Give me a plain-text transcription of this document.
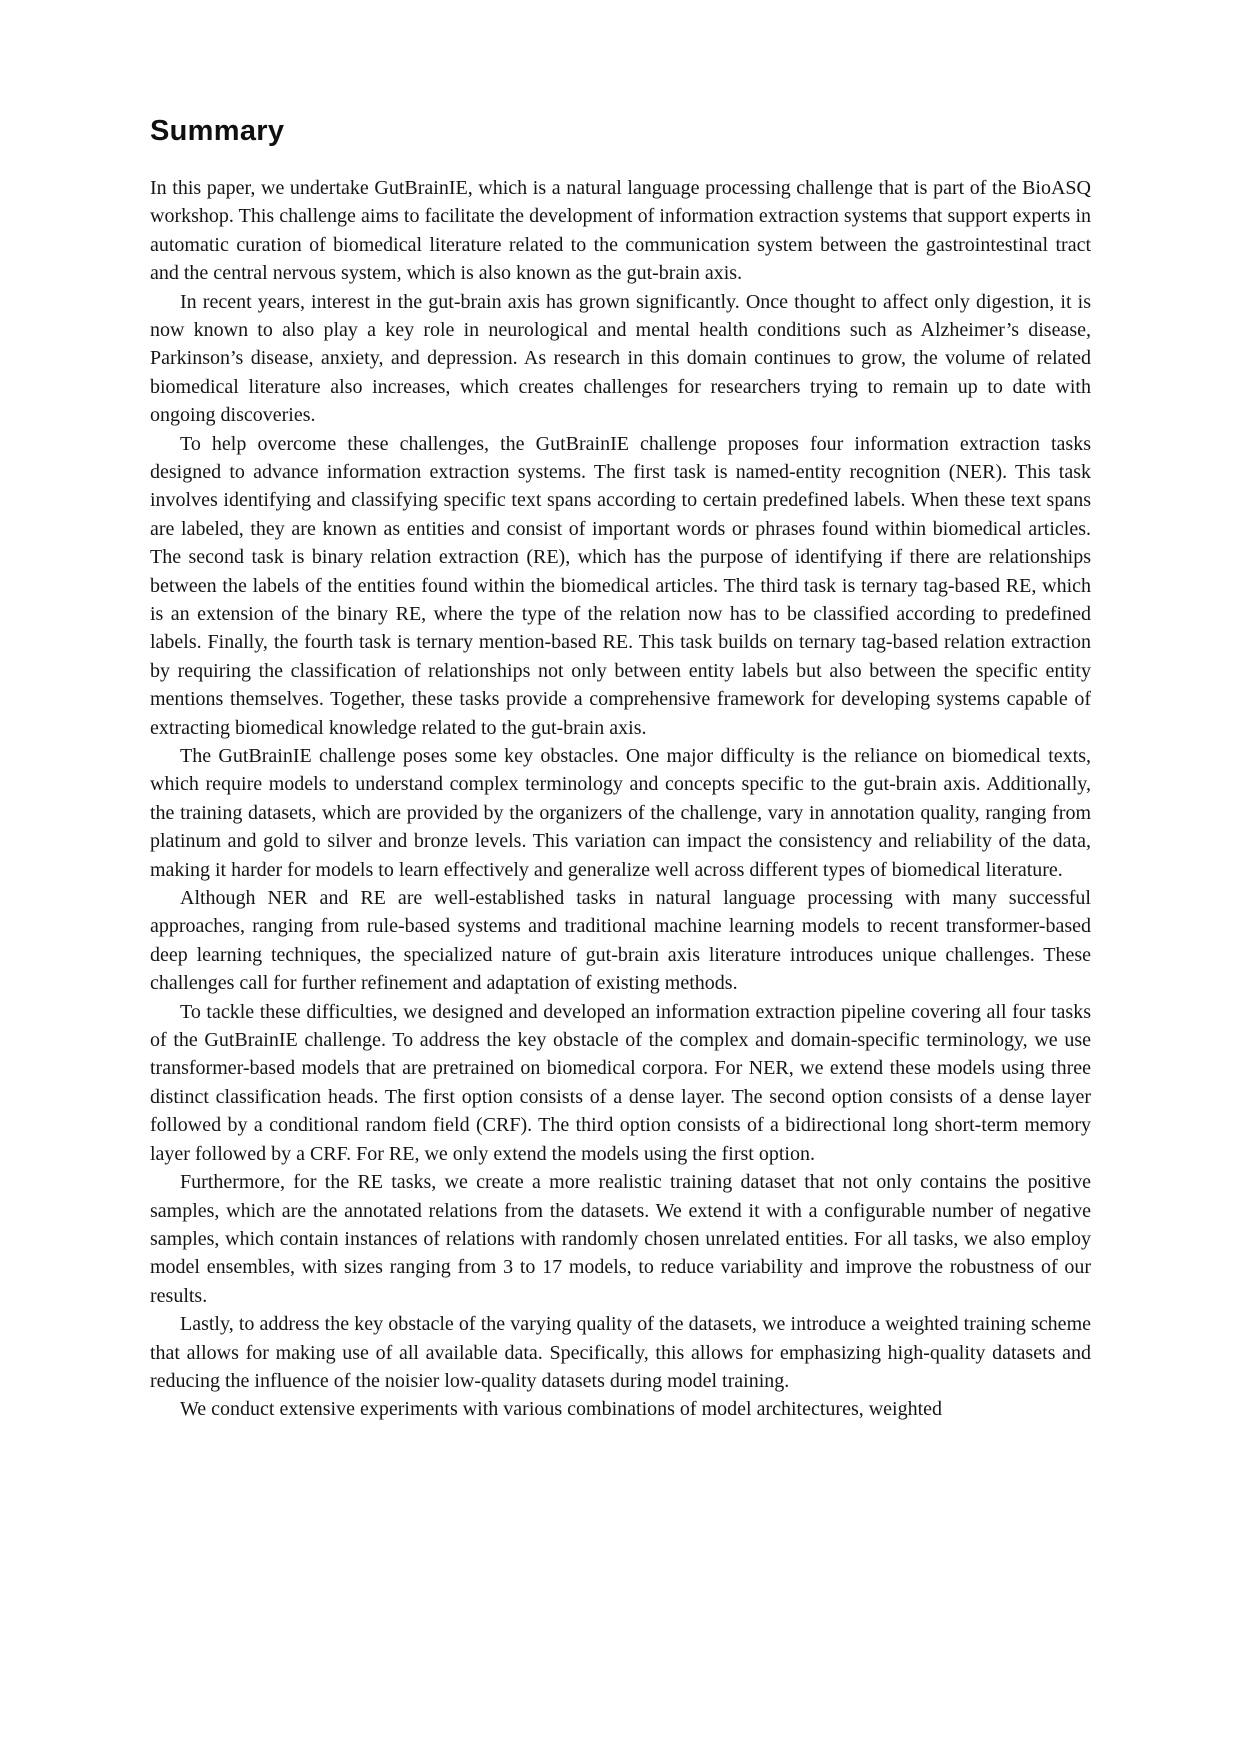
Summary

In this paper, we undertake GutBrainIE, which is a natural language processing challenge that is part of the BioASQ workshop. This challenge aims to facilitate the development of information extraction systems that support experts in automatic curation of biomedical literature related to the communication system between the gastrointestinal tract and the central nervous system, which is also known as the gut-brain axis.

In recent years, interest in the gut-brain axis has grown significantly. Once thought to affect only digestion, it is now known to also play a key role in neurological and mental health conditions such as Alzheimer’s disease, Parkinson’s disease, anxiety, and depression. As research in this domain continues to grow, the volume of related biomedical literature also increases, which creates challenges for researchers trying to remain up to date with ongoing discoveries.

To help overcome these challenges, the GutBrainIE challenge proposes four information extraction tasks designed to advance information extraction systems. The first task is named-entity recognition (NER). This task involves identifying and classifying specific text spans according to certain predefined labels. When these text spans are labeled, they are known as entities and consist of important words or phrases found within biomedical articles. The second task is binary relation extraction (RE), which has the purpose of identifying if there are relationships between the labels of the entities found within the biomedical articles. The third task is ternary tag-based RE, which is an extension of the binary RE, where the type of the relation now has to be classified according to predefined labels. Finally, the fourth task is ternary mention-based RE. This task builds on ternary tag-based relation extraction by requiring the classification of relationships not only between entity labels but also between the specific entity mentions themselves. Together, these tasks provide a comprehensive framework for developing systems capable of extracting biomedical knowledge related to the gut-brain axis.

The GutBrainIE challenge poses some key obstacles. One major difficulty is the reliance on biomedical texts, which require models to understand complex terminology and concepts specific to the gut-brain axis. Additionally, the training datasets, which are provided by the organizers of the challenge, vary in annotation quality, ranging from platinum and gold to silver and bronze levels. This variation can impact the consistency and reliability of the data, making it harder for models to learn effectively and generalize well across different types of biomedical literature.

Although NER and RE are well-established tasks in natural language processing with many successful approaches, ranging from rule-based systems and traditional machine learning models to recent transformer-based deep learning techniques, the specialized nature of gut-brain axis literature introduces unique challenges. These challenges call for further refinement and adaptation of existing methods.

To tackle these difficulties, we designed and developed an information extraction pipeline covering all four tasks of the GutBrainIE challenge. To address the key obstacle of the complex and domain-specific terminology, we use transformer-based models that are pretrained on biomedical corpora. For NER, we extend these models using three distinct classification heads. The first option consists of a dense layer. The second option consists of a dense layer followed by a conditional random field (CRF). The third option consists of a bidirectional long short-term memory layer followed by a CRF. For RE, we only extend the models using the first option.

Furthermore, for the RE tasks, we create a more realistic training dataset that not only contains the positive samples, which are the annotated relations from the datasets. We extend it with a configurable number of negative samples, which contain instances of relations with randomly chosen unrelated entities. For all tasks, we also employ model ensembles, with sizes ranging from 3 to 17 models, to reduce variability and improve the robustness of our results.

Lastly, to address the key obstacle of the varying quality of the datasets, we introduce a weighted training scheme that allows for making use of all available data. Specifically, this allows for emphasizing high-quality datasets and reducing the influence of the noisier low-quality datasets during model training.

We conduct extensive experiments with various combinations of model architectures, weighted
